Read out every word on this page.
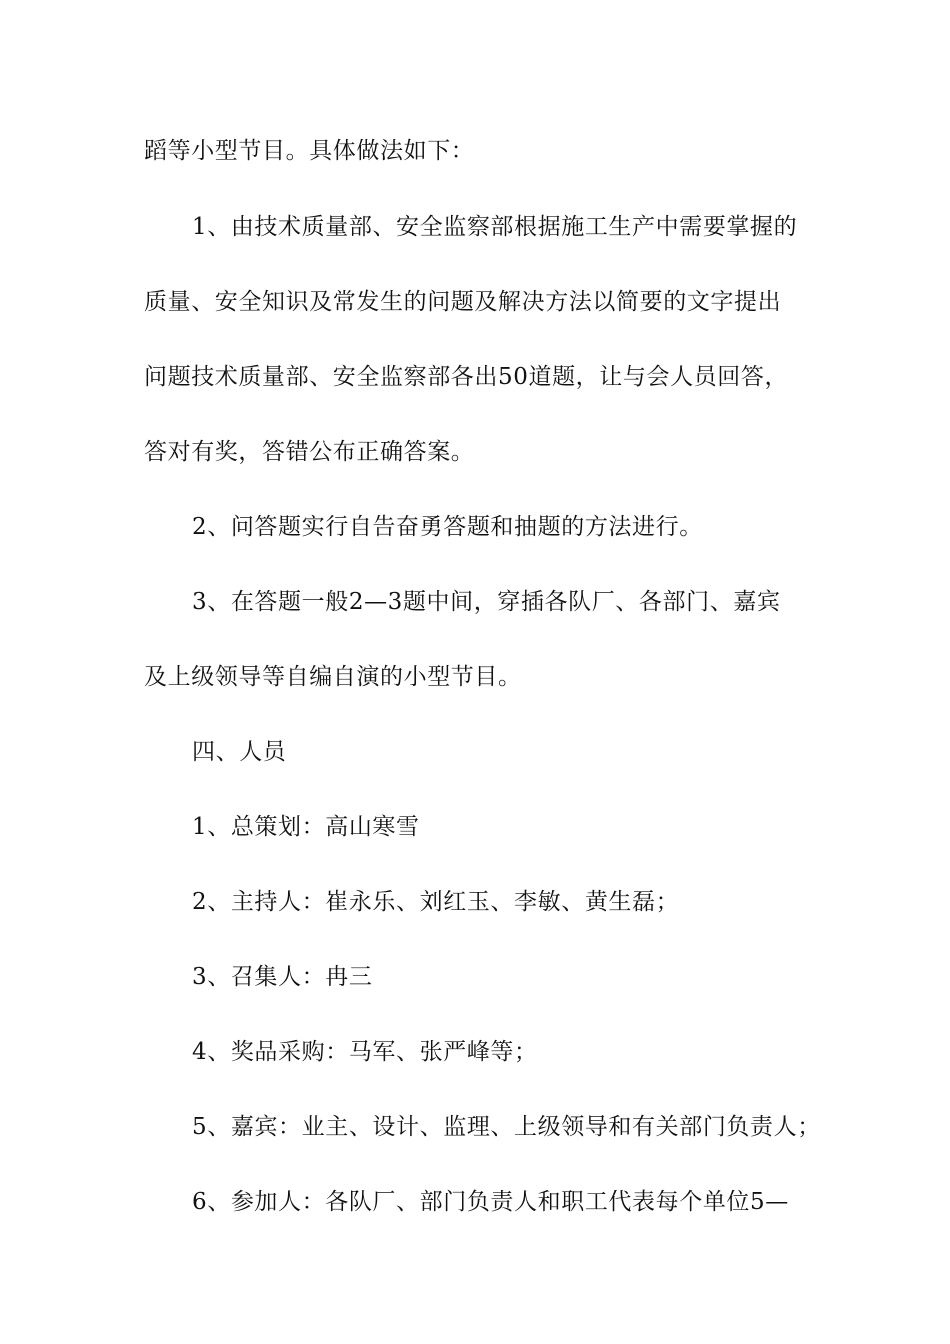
蹈等小型节目。具体做法如下：

1、由技术质量部、安全监察部根据施工生产中需要掌握的

质量、安全知识及常发生的问题及解决方法以简要的文字提出

问题技术质量部、安全监察部各出50道题，让与会人员回答，

答对有奖，答错公布正确答案。

2、问答题实行自告奋勇答题和抽题的方法进行。

3、在答题一般2—3题中间，穿插各队厂、各部门、嘉宾

及上级领导等自编自演的小型节目。

四、人员

1、总策划：高山寒雪

2、主持人：崔永乐、刘红玉、李敏、黄生磊；

3、召集人：冉三

4、奖品采购：马军、张严峰等；

5、嘉宾：业主、设计、监理、上级领导和有关部门负责人；

6、参加人：各队厂、部门负责人和职工代表每个单位5—
